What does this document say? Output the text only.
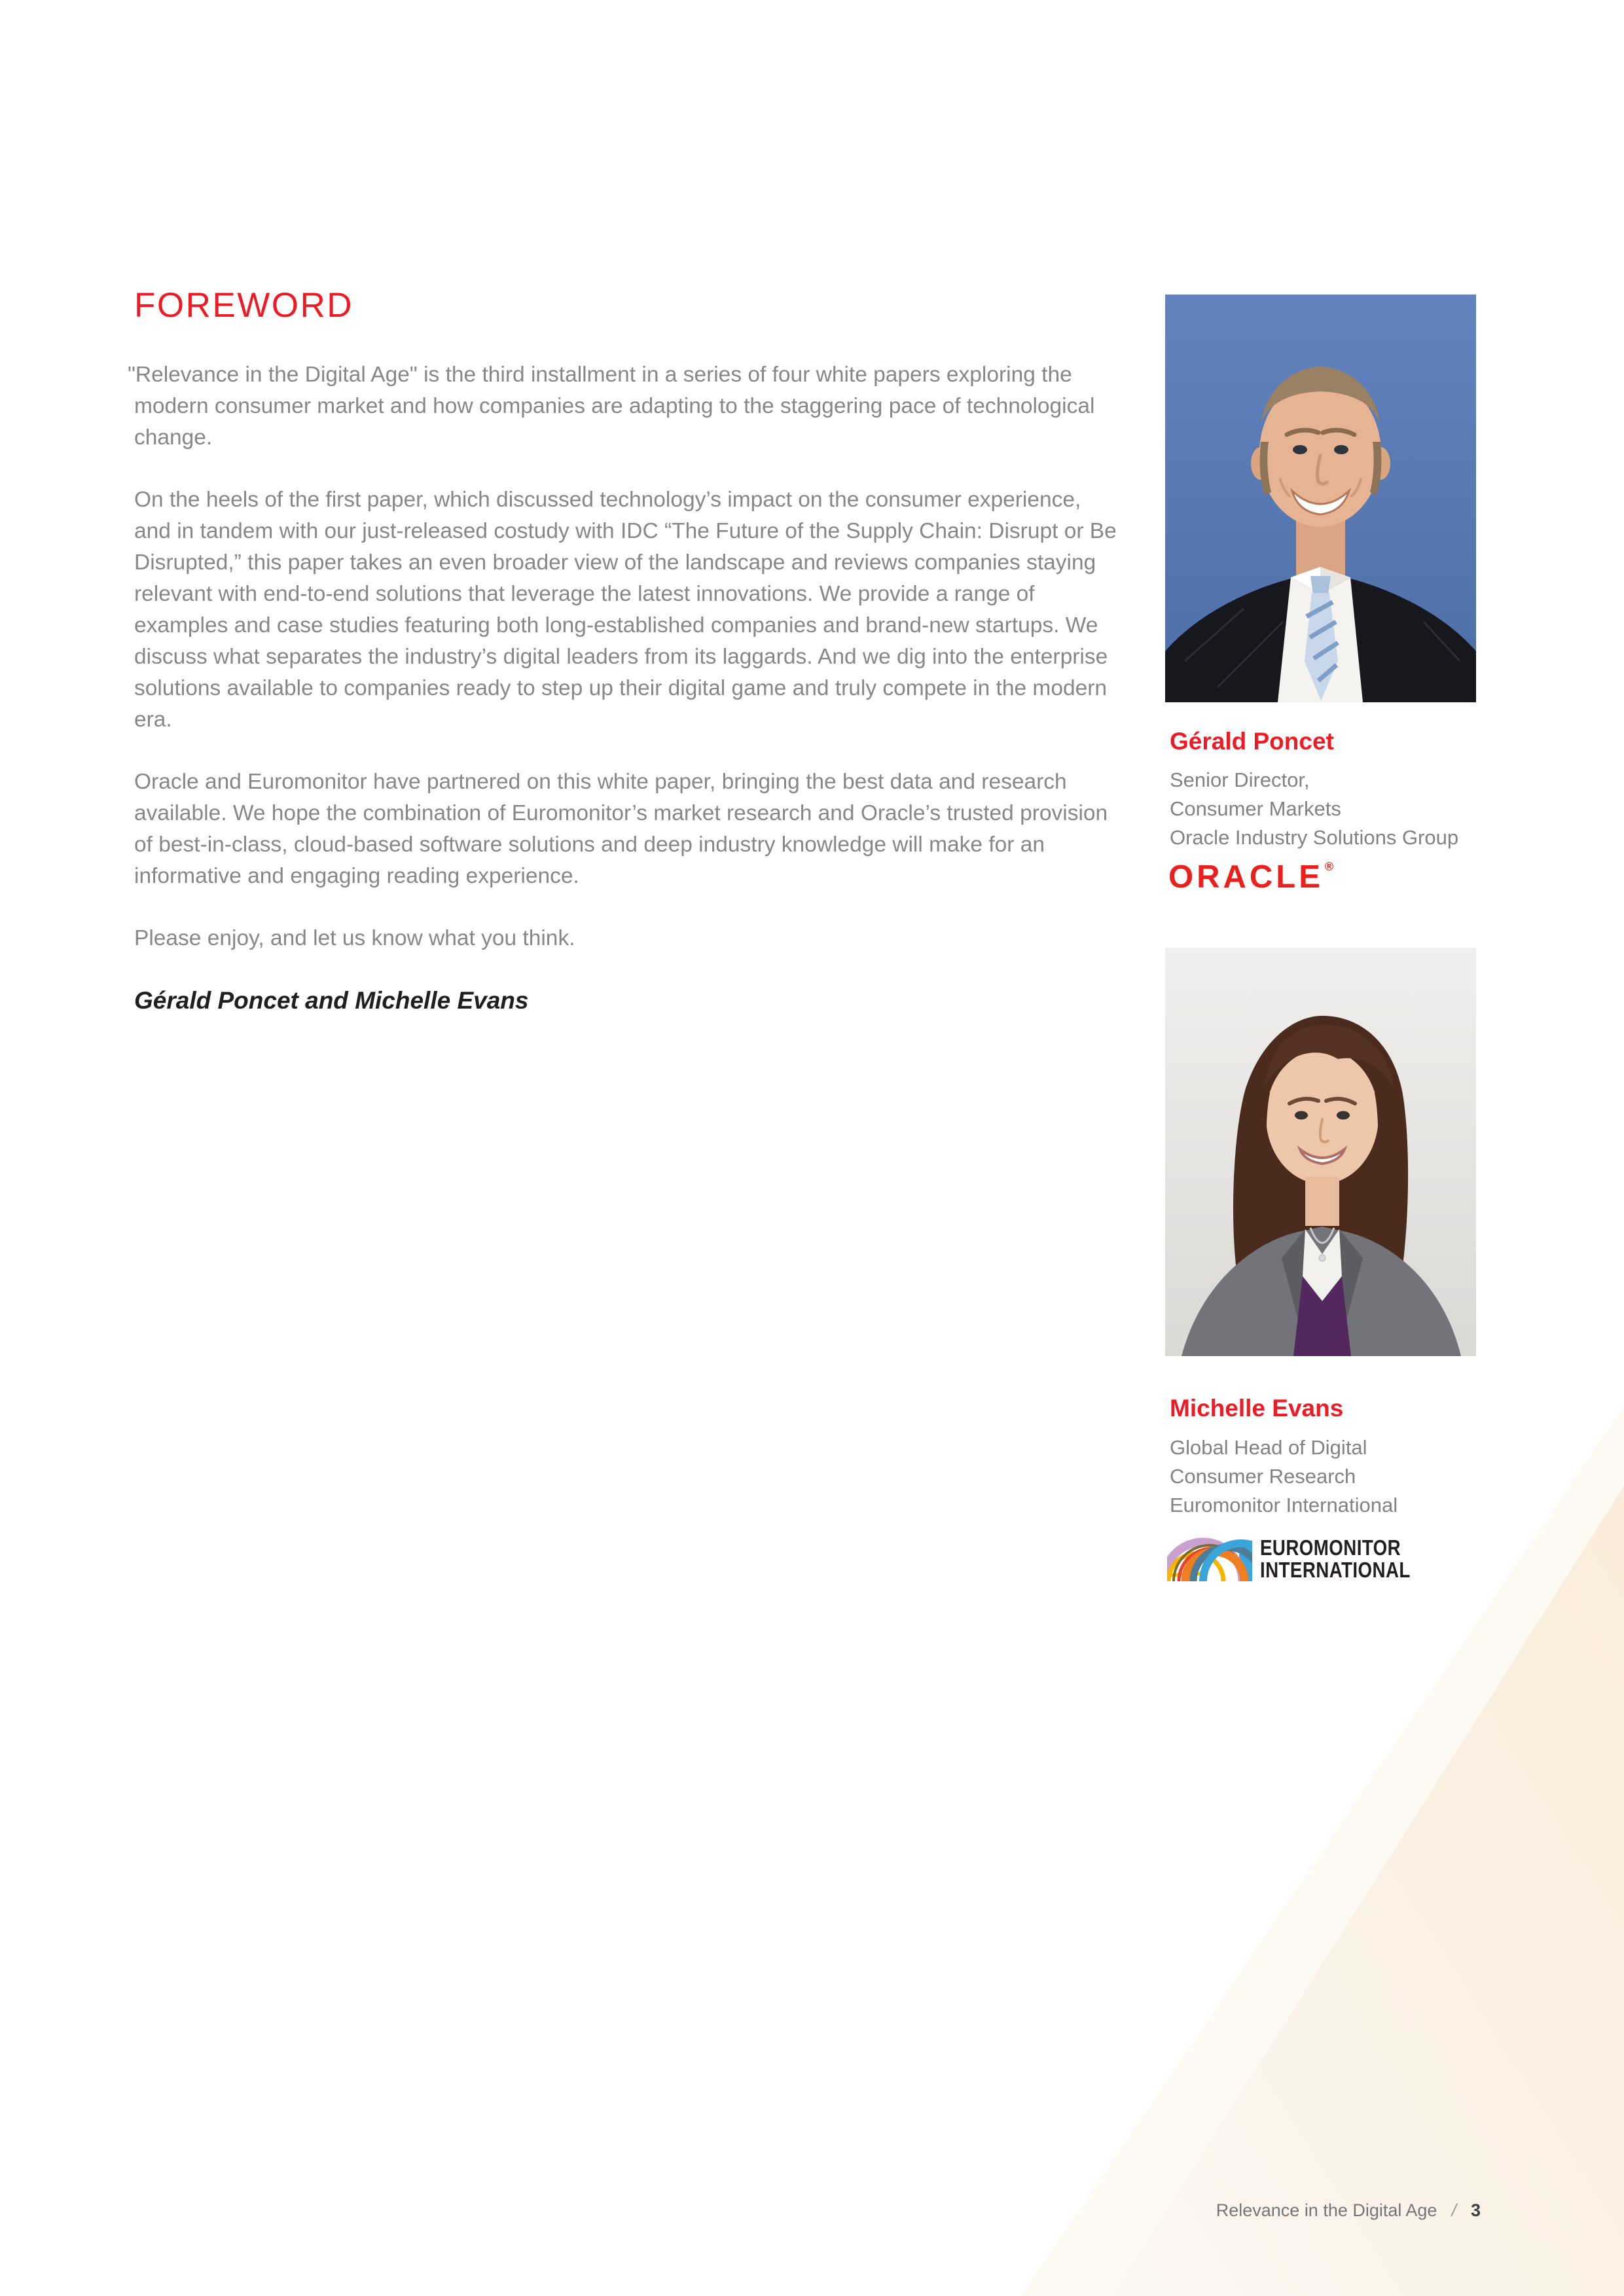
FOREWORD

"Relevance in the Digital Age" is the third installment in a series of four white papers exploring the modern consumer market and how companies are adapting to the staggering pace of technological change.

On the heels of the first paper, which discussed technology’s impact on the consumer experience, and in tandem with our just-released costudy with IDC “The Future of the Supply Chain: Disrupt or Be Disrupted,” this paper takes an even broader view of the landscape and reviews companies staying relevant with end-to-end solutions that leverage the latest innovations. We provide a range of examples and case studies featuring both long-established companies and brand-new startups. We discuss what separates the industry’s digital leaders from its laggards. And we dig into the enterprise solutions available to companies ready to step up their digital game and truly compete in the modern era.

Oracle and Euromonitor have partnered on this white paper, bringing the best data and research available. We hope the combination of Euromonitor’s market research and Oracle’s trusted provision of best-in-class, cloud-based software solutions and deep industry knowledge will make for an informative and engaging reading experience.

Please enjoy, and let us know what you think.

Gérald Poncet and Michelle Evans
Gérald Poncet
Senior Director,
Consumer Markets
Oracle Industry Solutions Group
ORACLE ®
Michelle Evans
Global Head of Digital
Consumer Research
Euromonitor International
EUROMONITOR
INTERNATIONAL
Relevance in the Digital Age / 3
